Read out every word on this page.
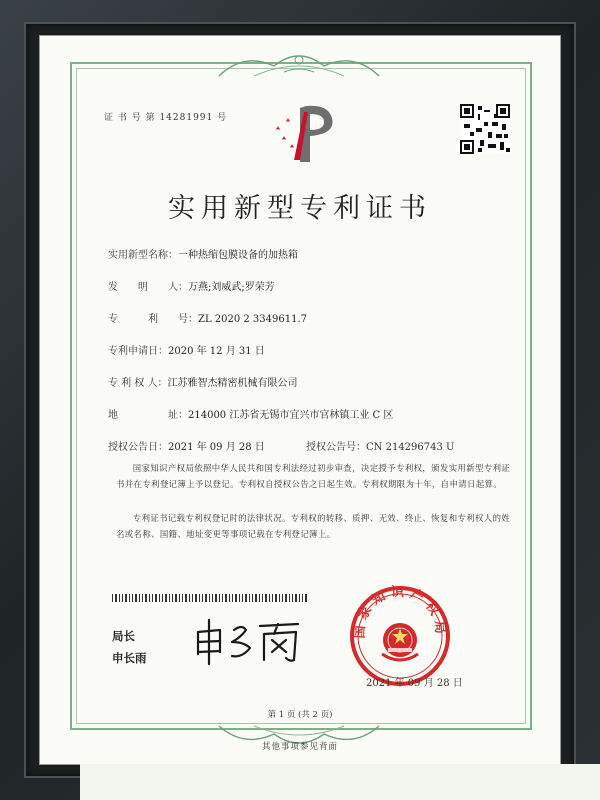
证 书 号 第 14281991 号
实用新型专利证书
实用新型名称：一种热缩包膜设备的加热箱
发　　明　　人：万燕;刘威武;罗荣芳
专　　　利　　号：ZL 2020 2 3349611.7
专利申请日：2020 年 12 月 31 日
专 利 权 人：江苏雅智杰精密机械有限公司
地　　　　　址：214000 江苏省无锡市宜兴市官林镇工业 C 区
授权公告日：2021 年 09 月 28 日	授权公告号：CN 214296743 U
国家知识产权局依照中华人民共和国专利法经过初步审查，决定授予专利权，颁发实用新型专利证书并在专利登记簿上予以登记。专利权自授权公告之日起生效。专利权期限为十年，自申请日起算。
专利证书记载专利权登记时的法律状况。专利权的转移、质押、无效、终止、恢复和专利权人的姓名或名称、国籍、地址变更等事项记载在专利登记簿上。
局长
申长雨
国家知识产权局
2021 年 09 月 28 日
第 1 页 (共 2 页)
其他事项参见背面
